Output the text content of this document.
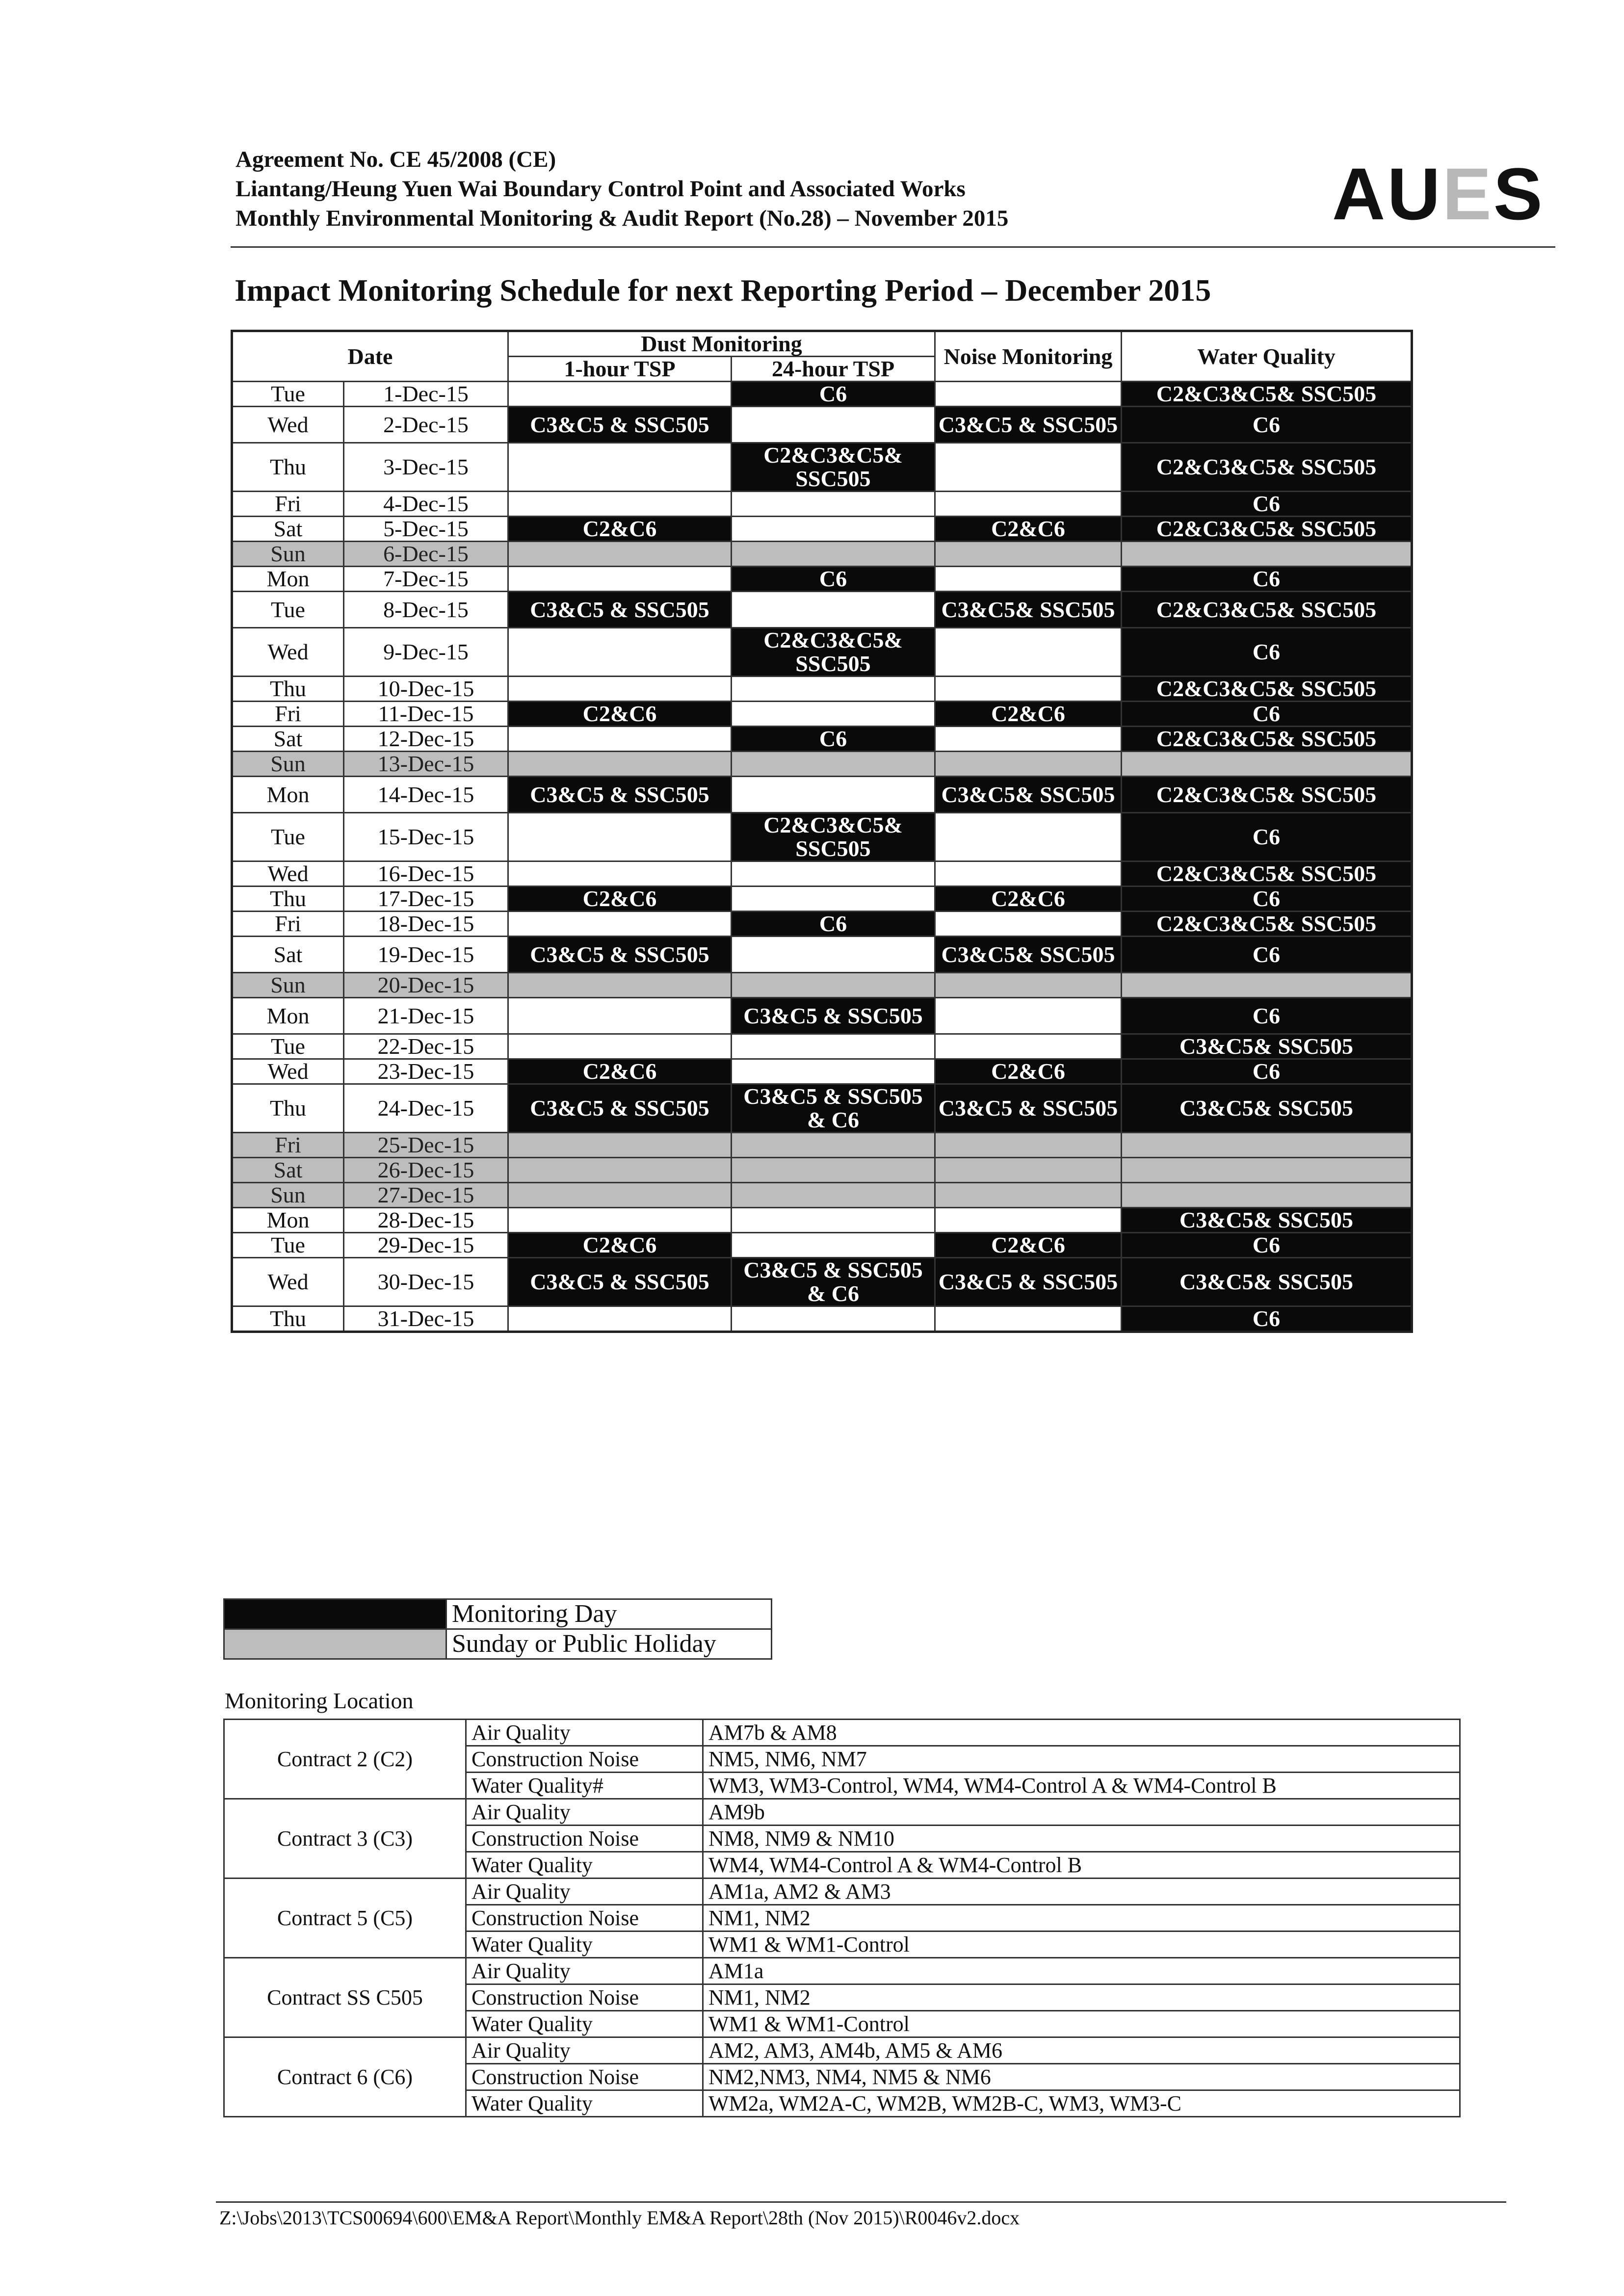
Agreement No. CE 45/2008 (CE)
Liantang/Heung Yuen Wai Boundary Control Point and Associated Works
Monthly Environmental Monitoring & Audit Report (No.28) – November 2015	AUES
Impact Monitoring Schedule for next Reporting Period – December 2015
Date		Dust Monitoring		Noise Monitoring	Water Quality
		1-hour TSP	24-hour TSP		
Tue	1-Dec-15		C6		C2&C3&C5& SSC505
Wed	2-Dec-15	C3&C5 & SSC505		C3&C5 & SSC505	C6
Thu	3-Dec-15		C2&C3&C5& SSC505		C2&C3&C5& SSC505
Fri	4-Dec-15				C6
Sat	5-Dec-15	C2&C6		C2&C6	C2&C3&C5& SSC505
Sun	6-Dec-15				
Mon	7-Dec-15		C6		C6
Tue	8-Dec-15	C3&C5 & SSC505		C3&C5& SSC505	C2&C3&C5& SSC505
Wed	9-Dec-15		C2&C3&C5& SSC505		C6
Thu	10-Dec-15				C2&C3&C5& SSC505
Fri	11-Dec-15	C2&C6		C2&C6	C6
Sat	12-Dec-15		C6		C2&C3&C5& SSC505
Sun	13-Dec-15				
Mon	14-Dec-15	C3&C5 & SSC505		C3&C5& SSC505	C2&C3&C5& SSC505
Tue	15-Dec-15		C2&C3&C5& SSC505		C6
Wed	16-Dec-15				C2&C3&C5& SSC505
Thu	17-Dec-15	C2&C6		C2&C6	C6
Fri	18-Dec-15		C6		C2&C3&C5& SSC505
Sat	19-Dec-15	C3&C5 & SSC505		C3&C5& SSC505	C6
Sun	20-Dec-15				
Mon	21-Dec-15		C3&C5 & SSC505		C6
Tue	22-Dec-15				C3&C5& SSC505
Wed	23-Dec-15	C2&C6		C2&C6	C6
Thu	24-Dec-15	C3&C5 & SSC505	C3&C5 & SSC505 & C6	C3&C5 & SSC505	C3&C5& SSC505
Fri	25-Dec-15				
Sat	26-Dec-15				
Sun	27-Dec-15				
Mon	28-Dec-15				C3&C5& SSC505
Tue	29-Dec-15	C2&C6		C2&C6	C6
Wed	30-Dec-15	C3&C5 & SSC505	C3&C5 & SSC505 & C6	C3&C5 & SSC505	C3&C5& SSC505
Thu	31-Dec-15				C6
	Monitoring Day
	Sunday or Public Holiday
Monitoring Location
Contract 2 (C2)	Air Quality	AM7b & AM8
	Construction Noise	NM5, NM6, NM7
	Water Quality#	WM3, WM3-Control, WM4, WM4-Control A & WM4-Control B
Contract 3 (C3)	Air Quality	AM9b
	Construction Noise	NM8, NM9 & NM10
	Water Quality	WM4, WM4-Control A & WM4-Control B
Contract 5 (C5)	Air Quality	AM1a, AM2 & AM3
	Construction Noise	NM1, NM2
	Water Quality	WM1 & WM1-Control
Contract SS C505	Air Quality	AM1a
	Construction Noise	NM1, NM2
	Water Quality	WM1 & WM1-Control
Contract 6 (C6)	Air Quality	AM2, AM3, AM4b, AM5 & AM6
	Construction Noise	NM2,NM3, NM4, NM5 & NM6
	Water Quality	WM2a, WM2A-C, WM2B, WM2B-C, WM3, WM3-C
Z:\Jobs\2013\TCS00694\600\EM&A Report\Monthly EM&A Report\28th (Nov 2015)\R0046v2.docx
